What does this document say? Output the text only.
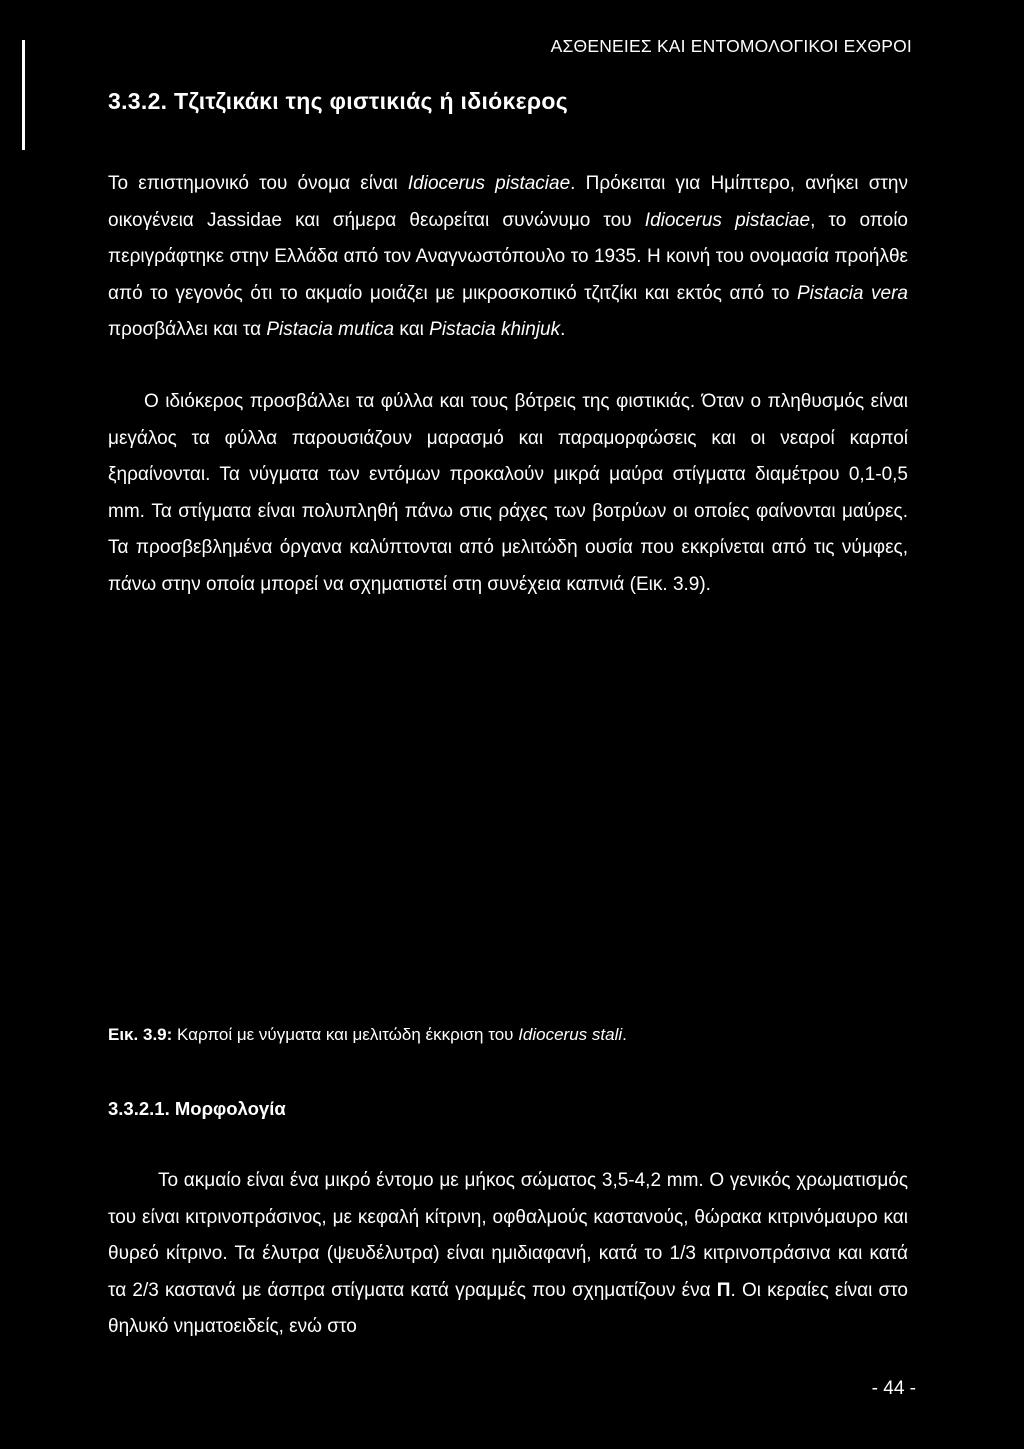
ΑΣΘΕΝΕΙΕΣ ΚΑΙ ΕΝΤΟΜΟΛΟΓΙΚΟΙ ΕΧΘΡΟΙ
3.3.2. Τζιτζικάκι της φιστικιάς ή ιδιόκερος

Το επιστημονικό του όνομα είναι Idiocerus pistaciae. Πρόκειται για Ημίπτερο, ανήκει στην οικογένεια Jassidae και σήμερα θεωρείται συνώνυμο του Idiocerus pistaciae, το οποίο περιγράφτηκε στην Ελλάδα από τον Αναγνωστόπουλο το 1935. Η κοινή του ονομασία προήλθε από το γεγονός ότι το ακμαίο μοιάζει με μικροσκοπικό τζιτζίκι και εκτός από το Pistacia vera προσβάλλει και τα Pistacia mutica και Pistacia khinjuk.

Ο ιδιόκερος προσβάλλει τα φύλλα και τους βότρεις της φιστικιάς. Όταν ο πληθυσμός είναι μεγάλος τα φύλλα παρουσιάζουν μαρασμό και παραμορφώσεις και οι νεαροί καρποί ξηραίνονται. Τα νύγματα των εντόμων προκαλούν μικρά μαύρα στίγματα διαμέτρου 0,1-0,5 mm. Τα στίγματα είναι πολυπληθή πάνω στις ράχες των βοτρύων οι οποίες φαίνονται μαύρες. Τα προσβεβλημένα όργανα καλύπτονται από μελιτώδη ουσία που εκκρίνεται από τις νύμφες, πάνω στην οποία μπορεί να σχηματιστεί στη συνέχεια καπνιά (Εικ. 3.9).

Εικ. 3.9: Καρποί με νύγματα και μελιτώδη έκκριση του Idiocerus stali.
3.3.2.1. Μορφολογία

Το ακμαίο είναι ένα μικρό έντομο με μήκος σώματος 3,5-4,2 mm. Ο γενικός χρωματισμός του είναι κιτρινοπράσινος, με κεφαλή κίτρινη, οφθαλμούς καστανούς, θώρακα κιτρινόμαυρο και θυρεό κίτρινο. Τα έλυτρα (ψευδέλυτρα) είναι ημιδιαφανή, κατά το 1/3 κιτρινοπράσινα και κατά τα 2/3 καστανά με άσπρα στίγματα κατά γραμμές που σχηματίζουν ένα Π. Οι κεραίες είναι στο θηλυκό νηματοειδείς, ενώ στο

- 44 -
